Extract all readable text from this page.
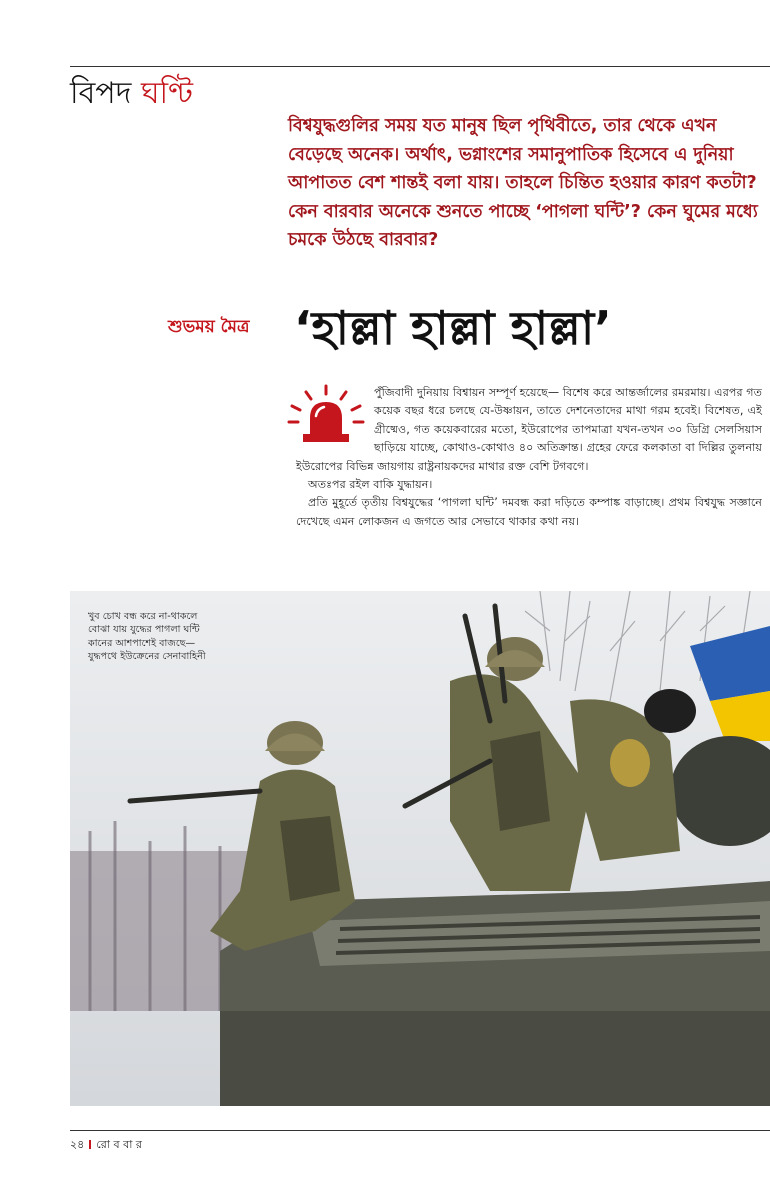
বিপদ ঘণ্টি
বিশ্বযুদ্ধগুলির সময় যত মানুষ ছিল পৃথিবীতে, তার থেকে এখন বেড়েছে অনেক। অর্থাৎ, ভগ্নাংশের সমানুপাতিক হিসেবে এ দুনিয়া আপাতত বেশ শান্তই বলা যায়। তাহলে চিন্তিত হওয়ার কারণ কতটা? কেন বারবার অনেকে শুনতে পাচ্ছে ‘পাগলা ঘন্টি’? কেন ঘুমের মধ্যে চমকে উঠছে বারবার?
শুভময় মৈত্র ‘হাল্লা হাল্লা হাল্লা’

পুঁজিবাদী দুনিয়ায় বিশ্বায়ন সম্পূর্ণ হয়েছে— বিশেষ করে আন্তর্জালের রমরমায়। এরপর গত কয়েক বছর ধরে চলছে যে-উষ্ণায়ন, তাতে দেশনেতাদের মাথা গরম হবেই। বিশেষত, এই গ্রীষ্মেও, গত কয়েকবারের মতো, ইউরোপের তাপমাত্রা যখন-তখন ৩০ ডিগ্রি সেলসিয়াস ছাড়িয়ে যাচ্ছে, কোথাও-কোথাও ৪০ অতিক্রান্ত। গ্রহের ফেরে কলকাতা বা দিল্লির তুলনায় ইউরোপের বিভিন্ন জায়গায় রাষ্ট্রনায়কদের মাথার রক্ত বেশি টগবগে।

অতঃপর রইল বাকি যুদ্ধায়ন।

প্রতি মুহূর্তে তৃতীয় বিশ্বযুদ্ধের ‘পাগলা ঘন্টি’ দমবন্ধ করা দড়িতে কম্পাঙ্ক বাড়াচ্ছে। প্রথম বিশ্বযুদ্ধ সজ্ঞানে দেখেছে এমন লোকজন এ জগতে আর সেভাবে থাকার কথা নয়।

খুব চোখ বন্ধ করে না-থাকলে বোঝা যায় যুদ্ধের পাগলা ঘন্টি কানের আশপাশেই বাজছে— যুদ্ধপথে ইউক্রেনের সেনাবাহিনী
২৪ রো ব বা র
